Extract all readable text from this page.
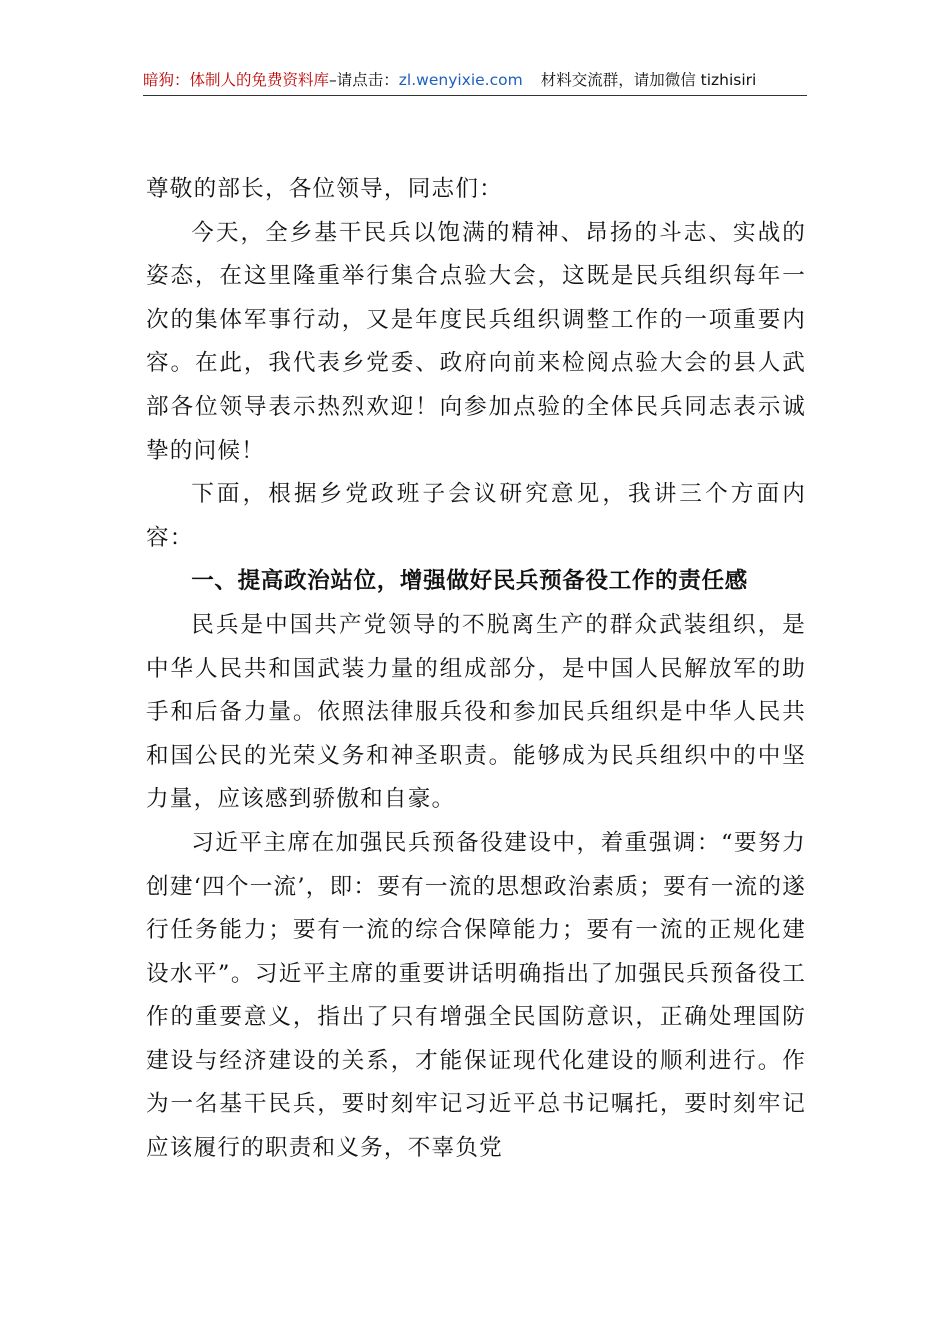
暗狗：体制人的免费资料库–请点击：zl.wenyixie.com 材料交流群，请加微信 tizhisiri

尊敬的部长，各位领导，同志们：

今天，全乡基干民兵以饱满的精神、昂扬的斗志、实战的姿态，在这里隆重举行集合点验大会，这既是民兵组织每年一次的集体军事行动，又是年度民兵组织调整工作的一项重要内容。在此，我代表乡党委、政府向前来检阅点验大会的县人武部各位领导表示热烈欢迎！向参加点验的全体民兵同志表示诚挚的问候！

下面，根据乡党政班子会议研究意见，我讲三个方面内容：

一、提高政治站位，增强做好民兵预备役工作的责任感

民兵是中国共产党领导的不脱离生产的群众武装组织，是中华人民共和国武装力量的组成部分，是中国人民解放军的助手和后备力量。依照法律服兵役和参加民兵组织是中华人民共和国公民的光荣义务和神圣职责。能够成为民兵组织中的中坚力量，应该感到骄傲和自豪。

习近平主席在加强民兵预备役建设中，着重强调：“要努力创建‘四个一流’，即：要有一流的思想政治素质；要有一流的遂行任务能力；要有一流的综合保障能力；要有一流的正规化建设水平”。习近平主席的重要讲话明确指出了加强民兵预备役工作的重要意义，指出了只有增强全民国防意识，正确处理国防建设与经济建设的关系，才能保证现代化建设的顺利进行。作为一名基干民兵，要时刻牢记习近平总书记嘱托，要时刻牢记应该履行的职责和义务，不辜负党
